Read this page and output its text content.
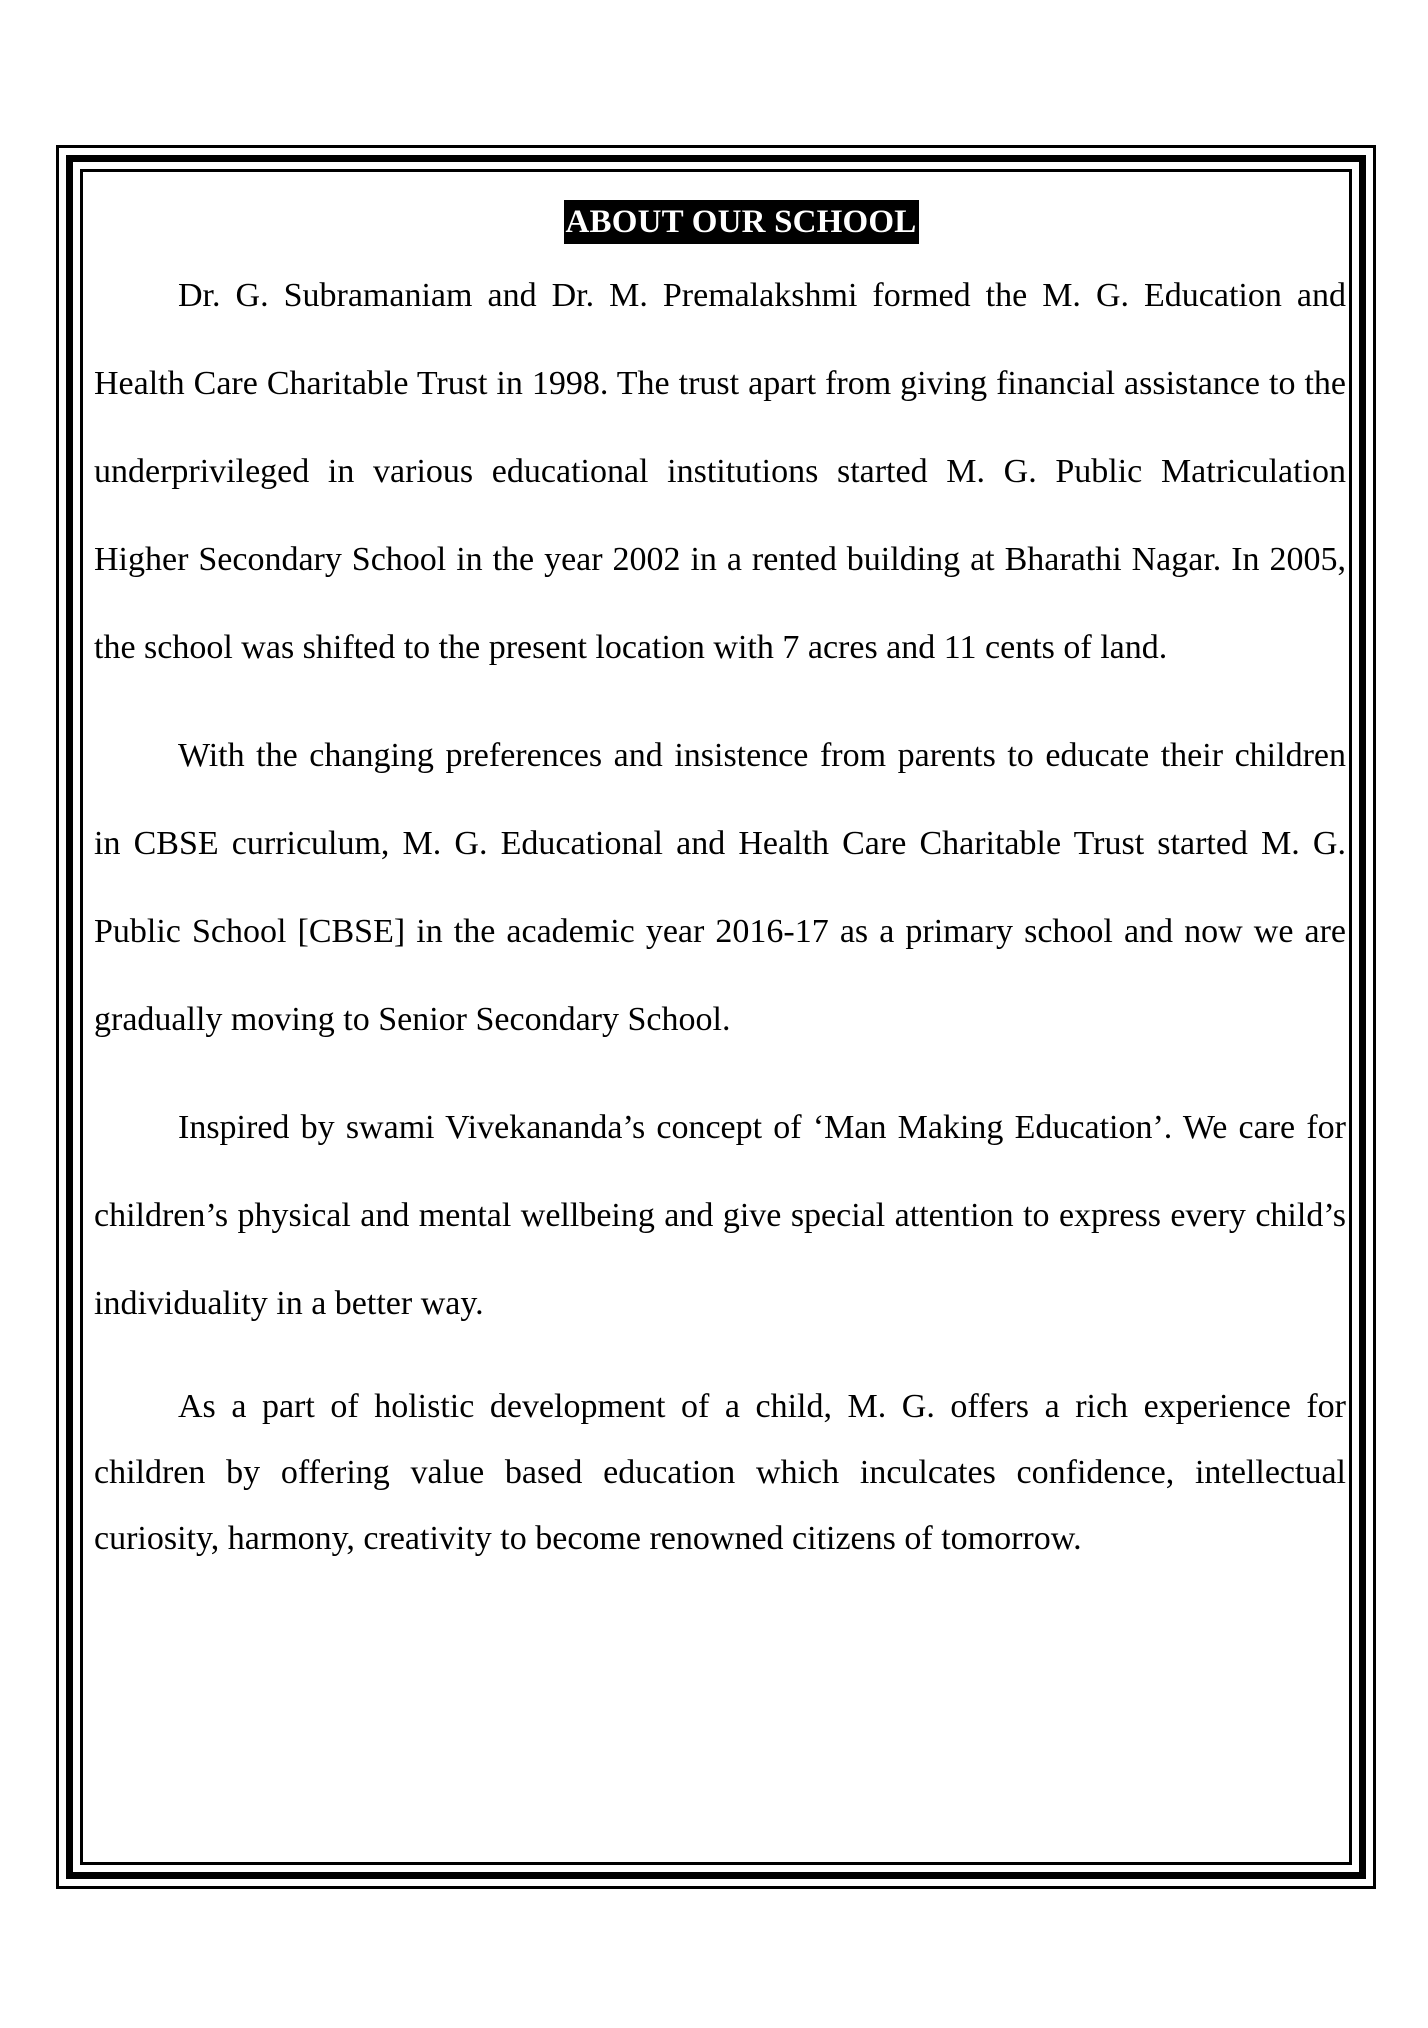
ABOUT OUR SCHOOL

Dr. G. Subramaniam and Dr. M. Premalakshmi formed the M. G. Education and Health Care Charitable Trust in 1998. The trust apart from giving financial assistance to the underprivileged in various educational institutions started M. G. Public Matriculation Higher Secondary School in the year 2002 in a rented building at Bharathi Nagar. In 2005, the school was shifted to the present location with 7 acres and 11 cents of land.

With the changing preferences and insistence from parents to educate their children in CBSE curriculum, M. G. Educational and Health Care Charitable Trust started M. G. Public School [CBSE] in the academic year 2016-17 as a primary school and now we are gradually moving to Senior Secondary School.

Inspired by swami Vivekananda’s concept of ‘Man Making Education’. We care for children’s physical and mental wellbeing and give special attention to express every child’s individuality in a better way.

As a part of holistic development of a child, M. G. offers a rich experience for children by offering value based education which inculcates confidence, intellectual curiosity, harmony, creativity to become renowned citizens of tomorrow.
